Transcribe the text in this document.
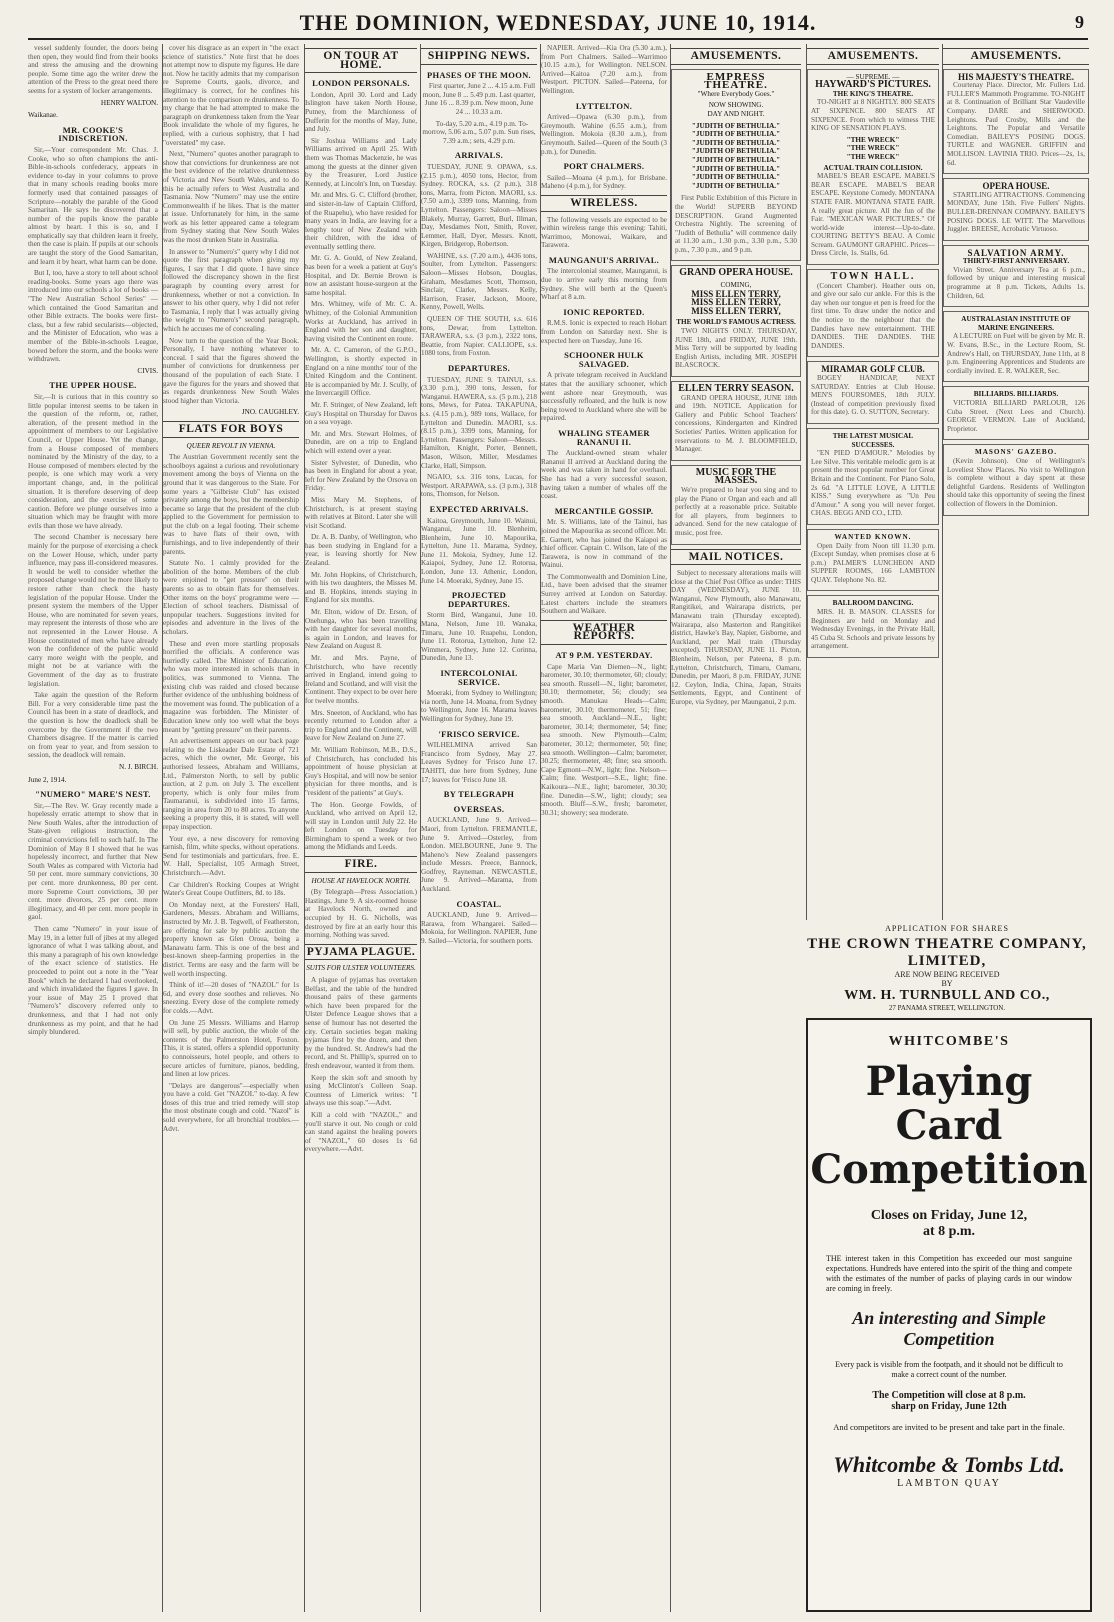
THE DOMINION, WEDNESDAY, JUNE 10, 1914.	9

vessel suddenly founder, the doors being then open, they would find from their books and stress the amusing and the drowning people. Some time ago the writer drew the attention of the Press to the great need there seems for a system of locker arrangements.

HENRY WALTON.
Waikanae.
MR. COOKE'S INDISCRETION.

Sir,—Your correspondent Mr. Chas. J. Cooke, who so often champions the anti-Bible-in-schools confederacy, appears in evidence to-day in your columns to prove that in many schools reading books more formerly used that contained passages of Scripture—notably the parable of the Good Samaritan. He says he discovered that a number of the pupils know the parable almost by heart. I this is so, and I emphatically say that children learn it freely, then the case is plain. If pupils at our schools are taught the story of the Good Samaritan, and learn it by heart, what harm can be done.

But I, too, have a story to tell about school reading-books. Some years ago there was introduced into our schools a lot of books — "The New Australian School Series" — which contained the Good Samaritan and other Bible extracts. The books were first-class, but a few rabid secularists—objected, and the Minister of Education, who was a member of the Bible-in-schools League, bowed before the storm, and the books were withdrawn.

CIVIS.
THE UPPER HOUSE.

Sir,—It is curious that in this country so little popular interest seems to be taken in the question of the reform, or, rather, alteration, of the present method in the appointment of members to our Legislative Council, or Upper House. Yet the change, from a House composed of members nominated by the Ministry of the day, to a House composed of members elected by the people, is one which may work a very important change, and, in the political situation. It is therefore deserving of deep consideration, and the exercise of some caution. Before we plunge ourselves into a situation which may be fraught with more evils than those we have already.

The second Chamber is necessary here mainly for the purpose of exercising a check on the Lower House, which, under party influence, may pass ill-considered measures. It would be well to consider whether the proposed change would not be more likely to restore rather than check the hasty legislation of the popular House. Under the present system the members of the Upper House, who are nominated for seven years, may represent the interests of those who are not represented in the Lower House. A House constituted of men who have already won the confidence of the public would carry more weight with the people, and might not be at variance with the Government of the day as to frustrate legislation.

Take again the question of the Reform Bill. For a very considerable time past the Council has been in a state of deadlock, and the question is how the deadlock shall be overcome by the Government if the two Chambers disagree. If the matter is carried on from year to year, and from session to session, the deadlock will remain.

N. J. BIRCH.
June 2, 1914.
"NUMERO" MARE'S NEST.

Sir,—The Rev. W. Gray recently made a hopelessly erratic attempt to show that in New South Wales, after the introduction of State-given religious instruction, the criminal convictions fell to such half. In The Dominion of May 8 I showed that he was hopelessly incorrect, and further that New South Wales as compared with Victoria had 50 per cent. more summary convictions, 30 per cent. more drunkenness, 80 per cent. more Supreme Court convictions, 30 per cent. more divorces, 25 per cent. more illegitimacy, and 40 per cent. more people in gaol.

Then came "Numero" in your issue of May 19, in a letter full of jibes at my alleged ignorance of what I was talking about, and this many a paragraph of his own knowledge of the exact science of statistics. He proceeded to point out a note in the "Year Book" which he declared I had overlooked, and which invalidated the figures I gave. In your issue of May 25 I proved that "Numero's" discovery referred only to drunkenness, and that I had not only drunkenness as my point, and that he had simply blundered.

cover his disgrace as an expert in "the exact science of statistics." Note first that he does not attempt now to dispute my figures. He dare not. Now he tacitly admits that my comparison re Supreme Courts, gaols, divorce, and illegitimacy is correct, for he confines his attention to the comparison re drunkenness. To my charge that he had attempted to make the paragraph on drunkenness taken from the Year Book invalidate the whole of my figures, he replied, with a curious sophistry, that I had "overstated" my case.

Next, "Numero" quotes another paragraph to show that convictions for drunkenness are not the best evidence of the relative drunkenness of Victoria and New South Wales, and to do this he actually refers to West Australia and Tasmania. Now "Numero" may use the entire Commonwealth if he likes. That is the matter at issue. Unfortunately for him, in the same work as his letter appeared came a telegram from Sydney stating that New South Wales was the most drunken State in Australia.

In answer to "Numero's" query why I did not quote the first paragraph when giving my figures, I say that I did quote. I have since followed the discrepancy shown in the first paragraph by counting every arrest for drunkenness, whether or not a conviction. In answer to his other query, why I did not refer to Tasmania, I reply that I was actually giving the weight to "Numero's" second paragraph, which he accuses me of concealing.

Now turn to the question of the Year Book. Personally, I have nothing whatever to conceal. I said that the figures showed the number of convictions for drunkenness per thousand of the population of each State. I gave the figures for the years and showed that as regards drunkenness New South Wales stood higher than Victoria.

JNO. CAUGHLEY.
FLATS FOR BOYS
QUEER REVOLT IN VIENNA.

The Austrian Government recently sent the schoolboys against a curious and revolutionary movement among the boys of Vienna on the ground that it was dangerous to the State. For some years a "Gilbriste Club" has existed privately among the boys, but the membership became so large that the president of the club applied to the Government for permission to put the club on a legal footing. Their scheme was to have flats of their own, with furnishings, and to live independently of their parents.

Statute No. 1 calmly provided for the abolition of the home. Members of the club were enjoined to "get pressure" on their parents so as to obtain flats for themselves. Other items on the boys' programme were — Election of school teachers. Dismissal of unpopular teachers. Suggestions invited for episodes and adventure in the lives of the scholars.

These and even more startling proposals horrified the officials. A conference was hurriedly called. The Minister of Education, who was more interested in schools than in politics, was summoned to Vienna. The existing club was raided and closed because further evidence of the unblushing boldness of the movement was found. The publication of a magazine was forbidden. The Minister of Education knew only too well what the boys meant by "getting pressure" on their parents.

An advertisement appears on our back page relating to the Liskeader Dale Estate of 721 acres, which the owner, Mr. George, his authorised lessees, Abraham and Williams, Ltd., Palmerston North, to sell by public auction, at 2 p.m. on July 3. The excellent property, which is only four miles from Taumaranui, is subdivided into 15 farms, ranging in area from 20 to 80 acres. To anyone seeking a property this, it is stated, will well repay inspection.

Your eye, a new discovery for removing tarnish, film, white specks, without operations. Send for testimonials and particulars, free. E. W. Hall, Specialist, 105 Armagh Street, Christchurch.—Advt.

Car Children's Rocking Coupes at Wright Water's Great Coupe Outfitters, 8d. to 18s.

On Monday next, at the Foresters' Hall, Gardeners, Messrs. Abraham and Williams, instructed by Mr. J. B. Tegwell, of Featherston, are offering for sale by public auction the property known as Glen Oroua, being a Manawatu farm. This is one of the best and best-known sheep-farming properties in the district. Terms are easy and the farm will be well worth inspecting.

Think of it!—20 doses of "NAZOL" for 1s 6d, and every dose soothes and relieves. No sneezing. Every dose of the complete remedy for colds.—Advt.

On June 25 Messrs. Williams and Harrop will sell, by public auction, the whole of the contents of the Palmerston Hotel, Foxton. This, it is stated, offers a splendid opportunity to connoisseurs, hotel people, and others to secure articles of furniture, pianos, bedding, and linen at low prices.

"Delays are dangerous"—especially when you have a cold. Get "NAZOL" to-day. A few doses of this true and tried remedy will stop the most obstinate cough and cold. "Nazol" is sold everywhere, for all bronchial troubles.—Advt.

ON TOUR AT HOME.
LONDON PERSONALS.

London, April 30. Lord and Lady Islington have taken North House, Putney, from the Marchioness of Dufferin for the months of May, June, and July.

Sir Joshua Williams and Lady Williams arrived on April 25. With them was Thomas Mackenzie, he was among the guests at the dinner given by the Treasurer, Lord Justice Kennedy, at Lincoln's Inn, on Tuesday.

Mr. and Mrs. G. C. Clifford (brother, and sister-in-law of Captain Clifford, of the Ruapehu), who have resided for many years in India, are leaving for a lengthy tour of New Zealand with their children, with the idea of eventually settling there.

Mr. G. A. Gould, of New Zealand, has been for a week a patient at Guy's Hospital, and Dr. Bernie Brown is now an assistant house-surgeon at the same hospital.

Mrs. Whitney, wife of Mr. C. A. Whitney, of the Colonial Ammunition Works at Auckland, has arrived in England with her son and daughter, having visited the Continent en route.

Mr. A. C. Cameron, of the G.P.O., Wellington, is shortly expected in England on a nine months' tour of the United Kingdom and the Continent. He is accompanied by Mr. J. Scully, of the Invercargill Office.

Mr. F. Stringer, of New Zealand, left Guy's Hospital on Thursday for Davos on a sea voyage.

Mr. and Mrs. Stewart Holmes, of Dunedin, are on a trip to England which will extend over a year.

Sister Sylvester, of Dunedin, who has been in England for about a year, left for New Zealand by the Orsova on Friday.

Miss Mary M. Stephens, of Christchurch, is at present staying with relatives at Bitord. Later she will visit Scotland.

Dr. A. B. Danby, of Wellington, who has been studying in England for a year, is leaving shortly for New Zealand.

Mr. John Hopkins, of Christchurch, with his two daughters, the Misses M. and B. Hopkins, intends staying in England for six months.

Mr. Elton, widow of Dr. Erson, of Onehunga, who has been travelling with her daughter for several months, is again in London, and leaves for New Zealand on August 8.

Mr. and Mrs. Payne, of Christchurch, who have recently arrived in England, intend going to Ireland and Scotland, and will visit the Continent. They expect to be over here for twelve months.

Mrs. Sneeton, of Auckland, who has recently returned to London after a trip to England and the Continent, will leave for New Zealand on June 27.

Mr. William Robinson, M.B., D.S., of Christchurch, has concluded his appointment of house physician at Guy's Hospital, and will now be senior physician for three months, and is "resident of the patients" at Guy's.

The Hon. George Fowlds, of Auckland, who arrived on April 12, will stay in London until July 22. He left London on Tuesday for Birmingham to spend a week or two among the Midlands and Leeds.

FIRE.
HOUSE AT HAVELOCK NORTH.

(By Telegraph—Press Association.) Hastings, June 9. A six-roomed house at Havelock North, owned and occupied by H. G. Nicholls, was destroyed by fire at an early hour this morning. Nothing was saved.

PYJAMA PLAGUE.
SUITS FOR ULSTER VOLUNTEERS.

A plague of pyjamas has overtaken Belfast, and the table of the hundred thousand pairs of these garments which have been prepared for the Ulster Defence League shows that a sense of humour has not deserted the city. Certain societies began making pyjamas first by the dozen, and then by the hundred. St. Andrew's had the record, and St. Phillip's, spurred on to fresh endeavour, wanted it from them.

Keep the skin soft and smooth by using McClinton's Colleen Soap. Countess of Limerick writes: "I always use this soap."—Advt.

Kill a cold with "NAZOL," and you'll starve it out. No cough or cold can stand against the healing powers of "NAZOL," 60 doses 1s 6d everywhere.—Advt.

SHIPPING NEWS.
PHASES OF THE MOON.

First quarter, June 2 ... 4.15 a.m. Full moon, June 8 ... 5.49 p.m. Last quarter, June 16 ... 8.39 p.m. New moon, June 24 ... 10.33 a.m.

To-day, 5.20 a.m., 4.19 p.m. To-morrow, 5.06 a.m., 5.07 p.m. Sun rises, 7.39 a.m.; sets, 4.29 p.m.

ARRIVALS.

TUESDAY, JUNE 9. OPAWA, s.s. (2.15 p.m.), 4050 tons, Hector, from Sydney. ROCKA, s.s. (2 p.m.), 318 tons, Marra, from Picton. MAORI, s.s. (7.50 a.m.), 3399 tons, Manning, from Lyttelton. Passengers: Saloon—Misses Blakely, Murray, Garrett, Burl, Illman, Day, Mesdames Nott, Smith, Rover, Lemmer, Hall, Dyer, Messrs. Knott, Kirgen, Bridgerop, Robertson.

WAHINE, s.s. (7.20 a.m.), 4436 tons, Soulter, from Lyttelton. Passengers: Saloon—Misses Hobson, Douglas, Graham, Mesdames Scott, Thomson, Sinclair, Clarke, Messrs. Kelly, Harrison, Fraser, Jackson, Moore, Kenny, Powell, Wells.

QUEEN OF THE SOUTH, s.s. 616 tons, Dewar, from Lyttelton. TARAWERA, s.s. (3 p.m.), 2322 tons, Beattie, from Napier. CALLIOPE, s.s. 1080 tons, from Foxton.

DEPARTURES.

TUESDAY, JUNE 9. TAINUI, s.s. (3.30 p.m.), 390 tons, Jessen, for Wanganui. HAWERA, s.s. (5 p.m.), 218 tons, Mews, for Patea. TAKAPUNA, s.s. (4.15 p.m.), 989 tons, Wallace, for Lyttelton and Dunedin. MAORI, s.s. (8.15 p.m.), 3399 tons, Manning, for Lyttelton. Passengers: Saloon—Messrs. Hamilton, Knight, Porter, Bennett, Mason, Wilson, Miller, Mesdames Clarke, Hall, Simpson.

NGAIO, s.s. 316 tons, Lucas, for Westport. ARAPAWA, s.s. (3 p.m.), 318 tons, Thomson, for Nelson.

EXPECTED ARRIVALS.

Kaitoa, Greymouth, June 10. Wainui, Wanganui, June 10. Blenheim, Blenheim, June 10. Mapourika, Lyttelton, June 11. Marama, Sydney, June 11. Mokoia, Sydney, June 12. Kaiapoi, Sydney, June 12. Rotorua, London, June 13. Athenic, London, June 14. Moeraki, Sydney, June 15.

PROJECTED DEPARTURES.

Storm Bird, Wanganui, June 10. Mana, Nelson, June 10. Wanaka, Timaru, June 10. Ruapehu, London, June 11. Rotorua, Lyttelton, June 12. Wimmera, Sydney, June 12. Corinna, Dunedin, June 13.

INTERCOLONIAL SERVICE.

Moeraki, from Sydney to Wellington; via north, June 14. Moana, from Sydney to Wellington, June 16. Marama leaves Wellington for Sydney, June 19.

'FRISCO SERVICE.

WILHELMINA arrived San Francisco from Sydney, May 27. Leaves Sydney for 'Frisco June 17. TAHITI, due here from Sydney, June 17; leaves for 'Frisco June 18.

BY TELEGRAPH
OVERSEAS.

AUCKLAND, June 9. Arrived—Maori, from Lyttelton. FREMANTLE, June 9. Arrived—Osterley, from London. MELBOURNE, June 9. The Maheno's New Zealand passengers include Messrs. Preece, Bannock, Godfrey, Rayneman. NEWCASTLE, June 9. Arrived—Marama, from Auckland.

COASTAL.

AUCKLAND, June 9. Arrived—Rarawa, from Whangarei. Sailed—Mokoia, for Wellington. NAPIER, June 9. Sailed—Victoria, for southern ports.

NAPIER. Arrived—Kia Ora (5.30 a.m.), from Port Chalmers. Sailed—Warrimoo (10.15 a.m.), for Wellington. NELSON. Arrived—Kaitoa (7.20 a.m.), from Westport. PICTON. Sailed—Pateena, for Wellington.

LYTTELTON.

Arrived—Opawa (6.30 p.m.), from Greymouth. Wahine (6.55 a.m.), from Wellington. Mokoia (8.30 a.m.), from Greymouth. Sailed—Queen of the South (3 p.m.), for Dunedin.

PORT CHALMERS.

Sailed—Moana (4 p.m.), for Brisbane. Maheno (4 p.m.), for Sydney.

WIRELESS.

The following vessels are expected to be within wireless range this evening: Tahiti, Warrimoo, Monowai, Waikare, and Tarawera.

MAUNGANUI'S ARRIVAL.

The intercolonial steamer, Maunganui, is due to arrive early this morning from Sydney. She will berth at the Queen's Wharf at 8 a.m.

IONIC REPORTED.

R.M.S. Ionic is expected to reach Hobart from London on Saturday next. She is expected here on Tuesday, June 16.

SCHOONER HULK SALVAGED.

A private telegram received in Auckland states that the auxiliary schooner, which went ashore near Greymouth, was successfully refloated, and the hulk is now being towed to Auckland where she will be repaired.

WHALING STEAMER RANANUI II.

The Auckland-owned steam whaler Rananui II arrived at Auckland during the week and was taken in hand for overhaul. She has had a very successful season, having taken a number of whales off the coast.

MERCANTILE GOSSIP.

Mr. S. Williams, late of the Tainui, has joined the Mapourika as second officer. Mr. E. Garnett, who has joined the Kaiapoi as chief officer. Captain C. Wilson, late of the Tarawera, is now in command of the Wainui.

The Commonwealth and Dominion Line, Ltd., have been advised that the steamer Surrey arrived at London on Saturday. Latest charters include the steamers Southern and Waikare.

WEATHER REPORTS.
AT 9 P.M. YESTERDAY.

Cape Maria Van Diemen—N., light; barometer, 30.10; thermometer, 60; cloudy; sea smooth. Russell—N., light; barometer, 30.10; thermometer, 56; cloudy; sea smooth. Manukau Heads—Calm; barometer, 30.10; thermometer, 51; fine; sea smooth. Auckland—N.E., light; barometer, 30.14; thermometer, 54; fine; sea smooth. New Plymouth—Calm; barometer, 30.12; thermometer, 50; fine; sea smooth. Wellington—Calm; barometer, 30.25; thermometer, 48; fine; sea smooth. Cape Egmont—N.W., light; fine. Nelson—Calm; fine. Westport—S.E., light; fine. Kaikoura—N.E., light; barometer, 30.30; fine. Dunedin—S.W., light; cloudy; sea smooth. Bluff—S.W., fresh; barometer, 30.31; showery; sea moderate.

AMUSEMENTS.
EMPRESS THEATRE.
"Where Everybody Goes."
NOW SHOWING.
DAY AND NIGHT.
"JUDITH OF BETHULIA."
"JUDITH OF BETHULIA."
"JUDITH OF BETHULIA."
"JUDITH OF BETHULIA."
"JUDITH OF BETHULIA."
"JUDITH OF BETHULIA."
"JUDITH OF BETHULIA."
"JUDITH OF BETHULIA."

First Public Exhibition of this Picture in the World! SUPERB BEYOND DESCRIPTION. Grand Augmented Orchestra Nightly. The screening of "Judith of Bethulia" will commence daily at 11.30 a.m., 1.30 p.m., 3.30 p.m., 5.30 p.m., 7.30 p.m., and 9 p.m.

GRAND OPERA HOUSE.
COMING,
MISS ELLEN TERRY,
MISS ELLEN TERRY,
MISS ELLEN TERRY,
THE WORLD'S FAMOUS ACTRESS.

TWO NIGHTS ONLY. THURSDAY, JUNE 18th, and FRIDAY, JUNE 19th. Miss Terry will be supported by leading English Artists, including MR. JOSEPH BLASCROCK.

ELLEN TERRY SEASON.

GRAND OPERA HOUSE, JUNE 18th and 19th. NOTICE. Application for Gallery and Public School Teachers' concessions, Kindergarten and Kindred Societies' Parties. Written application for reservations to M. J. BLOOMFIELD, Manager.

MUSIC FOR THE MASSES.

We're prepared to hear you sing and to play the Piano or Organ and each and all perfectly at a reasonable price. Suitable for all players, from beginners to advanced. Send for the new catalogue of music, post free.

MAIL NOTICES.

Subject to necessary alterations mails will close at the Chief Post Office as under: THIS DAY (WEDNESDAY), JUNE 10. Wanganui, New Plymouth, also Manawatu, Rangitikei, and Wairarapa districts, per Manawatu train (Thursday excepted). Wairarapa, also Masterton and Rangitikei district, Hawke's Bay, Napier, Gisborne, and Auckland, per Mail train (Thursday excepted). THURSDAY, JUNE 11. Picton, Blenheim, Nelson, per Pateena, 8 p.m. Lyttelton, Christchurch, Timaru, Oamaru, Dunedin, per Maori, 8 p.m. FRIDAY, JUNE 12. Ceylon, India, China, Japan, Straits Settlements, Egypt, and Continent of Europe, via Sydney, per Maunganui, 2 p.m.

AMUSEMENTS.
— SUPREME. —
HAYWARD'S PICTURES.
THE KING'S THEATRE.

TO-NIGHT at 8 NIGHTLY. 800 SEATS AT SIXPENCE. 800 SEATS AT SIXPENCE. From which to witness THE KING OF SENSATION PLAYS.

"THE WRECK"
"THE WRECK"
"THE WRECK"
ACTUAL TRAIN COLLISION.

MABEL'S BEAR ESCAPE. MABEL'S BEAR ESCAPE. MABEL'S BEAR ESCAPE. Keystone Comedy. MONTANA STATE FAIR. MONTANA STATE FAIR. A really great picture. All the fun of the Fair. "MEXICAN WAR PICTURES." Of world-wide interest—Up-to-date. COURTING BETTY'S BEAU. A Comic Scream. GAUMONT GRAPHIC. Prices—Dress Circle, 1s. Stalls, 6d.

TOWN HALL.

(Concert Chamber). Heather outs on, and give our salo cur ankle. For this is the day when our tongue et pen is freed for the first time. To draw under the notice and the notice to the neighbour that the Dandies have new entertainment. THE DANDIES. THE DANDIES. THE DANDIES.

MIRAMAR GOLF CLUB.

BOGEY HANDICAP, NEXT SATURDAY. Entries at Club House. MEN'S FOURSOMES, 18th JULY. (Instead of competition previously fixed for this date). G. O. SUTTON, Secretary.

THE LATEST MUSICAL SUCCESSES.

"EN PIED D'AMOUR." Melodies by Lee Silve. This veritable melodic gem is at present the most popular number for Great Britain and the Continent. For Piano Solo, 2s 6d. "A LITTLE LOVE, A LITTLE KISS." Sung everywhere as "Un Peu d'Amour." A song you will never forget. CHAS. BEGG AND CO., LTD.

WANTED KNOWN.

Open Daily from Noon till 11.30 p.m. (Except Sunday, when premises close at 6 p.m.) PALMER'S LUNCHEON AND SUPPER ROOMS, 166 LAMBTON QUAY. Telephone No. 82.

BALLROOM DANCING.

MRS. H. B. MASON. CLASSES for Beginners are held on Monday and Wednesday Evenings, in the Private Hall, 45 Cuba St. Schools and private lessons by arrangement.

AMUSEMENTS.
HIS MAJESTY'S THEATRE.

Courtenay Place. Director, Mr. Fullers Ltd. FULLER'S Mammoth Programme. TO-NIGHT at 8. Continuation of Brilliant Star Vaudeville Company. DARE and SHERWOOD. Leightons. Paul Crosby, Mills and the Leightons. The Popular and Versatile Comedian. BAILEY'S POSING DOGS. TURTLE and WAGNER. GRIFFIN and MOLLISON. LAVINIA TRIO. Prices—2s, 1s, 6d.

OPERA HOUSE.

STARTLING ATTRACTIONS. Commencing MONDAY, June 15th. Five Fullers' Nights. BULLER-DRENNAN COMPANY. BAILEY'S POSING DOGS. LE WITT. The Marvellous Juggler. BREESE, Acrobatic Virtuoso.

SALVATION ARMY.
THIRTY-FIRST ANNIVERSARY.

Vivian Street. Anniversary Tea at 6 p.m., followed by unique and interesting musical programme at 8 p.m. Tickets, Adults 1s. Children, 6d.

AUSTRALASIAN INSTITUTE OF MARINE ENGINEERS.

A LECTURE on Fuel will be given by Mr. R. W. Evans, B.Sc., in the Lecture Room, St. Andrew's Hall, on THURSDAY, June 11th, at 8 p.m. Engineering Apprentices and Students are cordially invited. E. R. WALKER, Sec.

BILLIARDS. BILLIARDS.

VICTORIA BILLIARD PARLOUR, 126 Cuba Street. (Next Lees and Church). GEORGE VERMON. Late of Auckland, Proprietor.

MASONS' GAZEBO.

(Kevin Johnson). One of Wellington's Loveliest Show Places. No visit to Wellington is complete without a day spent at these delightful Gardens. Residents of Wellington should take this opportunity of seeing the finest collection of flowers in the Dominion.

APPLICATION FOR SHARES
THE CROWN THEATRE COMPANY,
LIMITED,
ARE NOW BEING RECEIVED
BY
WM. H. TURNBULL AND CO.,
27 PANAMA STREET, WELLINGTON.
WHITCOMBE'S
Playing Card Competition
Closes on Friday, June 12,
at 8 p.m.
THE interest taken in this Competition has exceeded our most sanguine expectations. Hundreds have entered into the spirit of the thing and compete with the estimates of the number of packs of playing cards in our window are coming in freely.
An interesting and Simple Competition
Every pack is visible from the footpath, and it should not be difficult to make a correct count of the number.
The Competition will close at 8 p.m.
sharp on Friday, June 12th
And competitors are invited to be present and take part in the finale.
Whitcombe & Tombs Ltd.
LAMBTON QUAY
